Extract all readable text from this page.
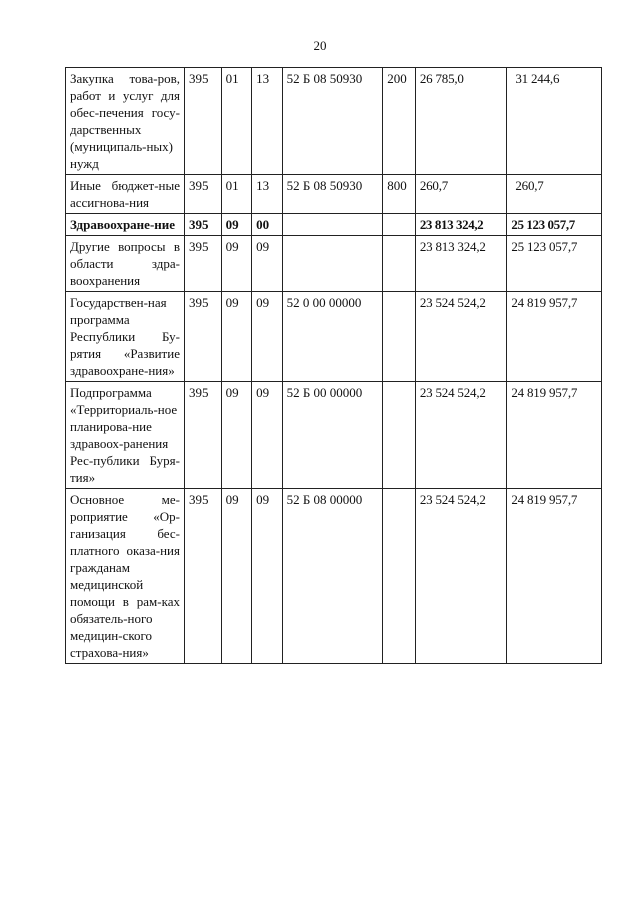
20
Закупка това-ров, работ и услуг для обес-печения госу-дарственных (муниципаль-ных) нужд	395	01	13	52 Б 08 50930	200	26 785,0	31 244,6
Иные бюджет-ные ассигнова-ния	395	01	13	52 Б 08 50930	800	260,7	260,7
Здравоохране-ние	395	09	00			23 813 324,2	25 123 057,7
Другие вопросы в области здра-воохранения	395	09	09			23 813 324,2	25 123 057,7
Государствен-ная программа Республики Бу-рятия «Развитие здравоохране-ния»	395	09	09	52 0 00 00000		23 524 524,2	24 819 957,7
Подпрограмма «Территориаль-ное планирова-ние здравоох-ранения Рес-публики Буря-тия»	395	09	09	52 Б 00 00000		23 524 524,2	24 819 957,7
Основное ме-роприятие «Ор-ганизация бес-платного оказа-ния гражданам медицинской помощи в рам-ках обязатель-ного медицин-ского страхова-ния»	395	09	09	52 Б 08 00000		23 524 524,2	24 819 957,7
